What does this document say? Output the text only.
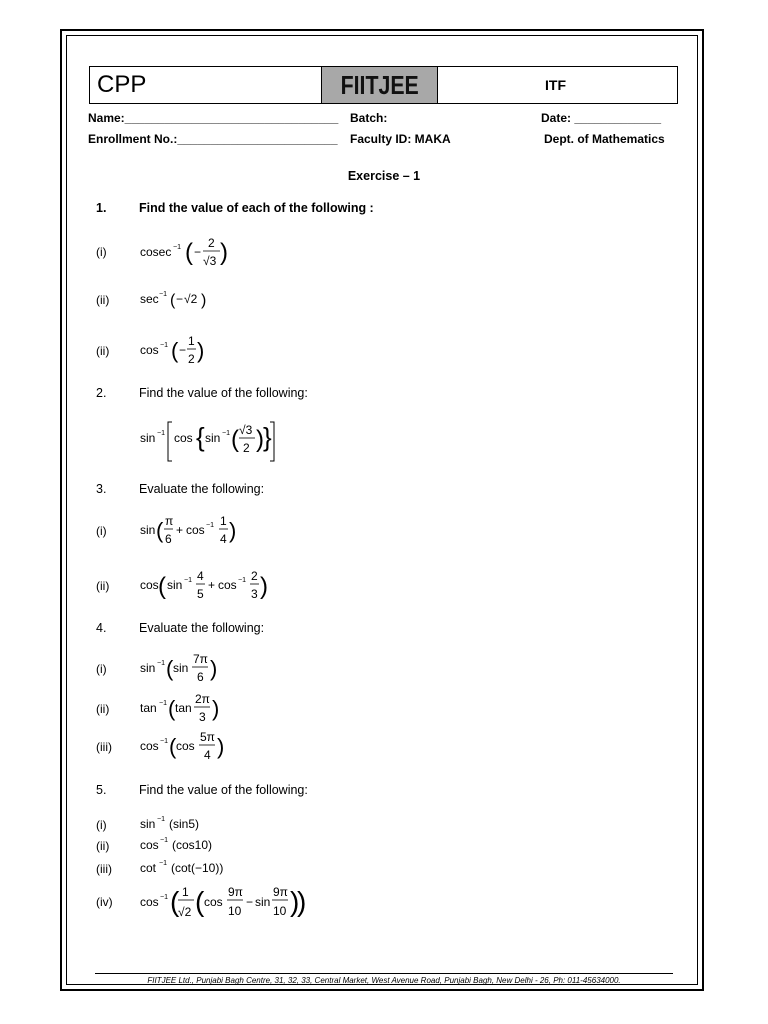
CPP	FIITJEE	ITF
Name:________________________________ Batch:	Date: _____________
Enrollment No.:________________________ Faculty ID: MAKA	Dept. of Mathematics
Exercise – 1
1.	Find the value of each of the following :
(i)	cosec −1 ( −
2
√3 )
(ii)	sec −1 ( − √2 )
(ii)	cos −1 ( −
1
2 )
2.	Find the value of the following:
sin −1 cos { sin −1 ( √3
2 ) }
3.	Evaluate the following:
(i)	sin ( π
6
+ cos −1 1
4 )
(ii)	cos ( sin −1 4
5
+ cos −1 2
3 )
4.	Evaluate the following:
(i)	sin −1 ( sin
7π
6 )
(ii)	tan −1 ( tan
2π
3 )
(iii) cos −1 ( cos
5π
4 )
5.	Find the value of the following:
(i)	sin −1 (sin5)
(ii)	cos −1 (cos10)
(iii) cot −1 (cot(−10))
(iv) cos −1 ( 1
√2 ( cos
9π
10
− sin
9π
10 )
)
FIITJEE Ltd., Punjabi Bagh Centre, 31, 32, 33, Central Market, West Avenue Road, Punjabi Bagh, New Delhi - 26, Ph: 011-45634000.
